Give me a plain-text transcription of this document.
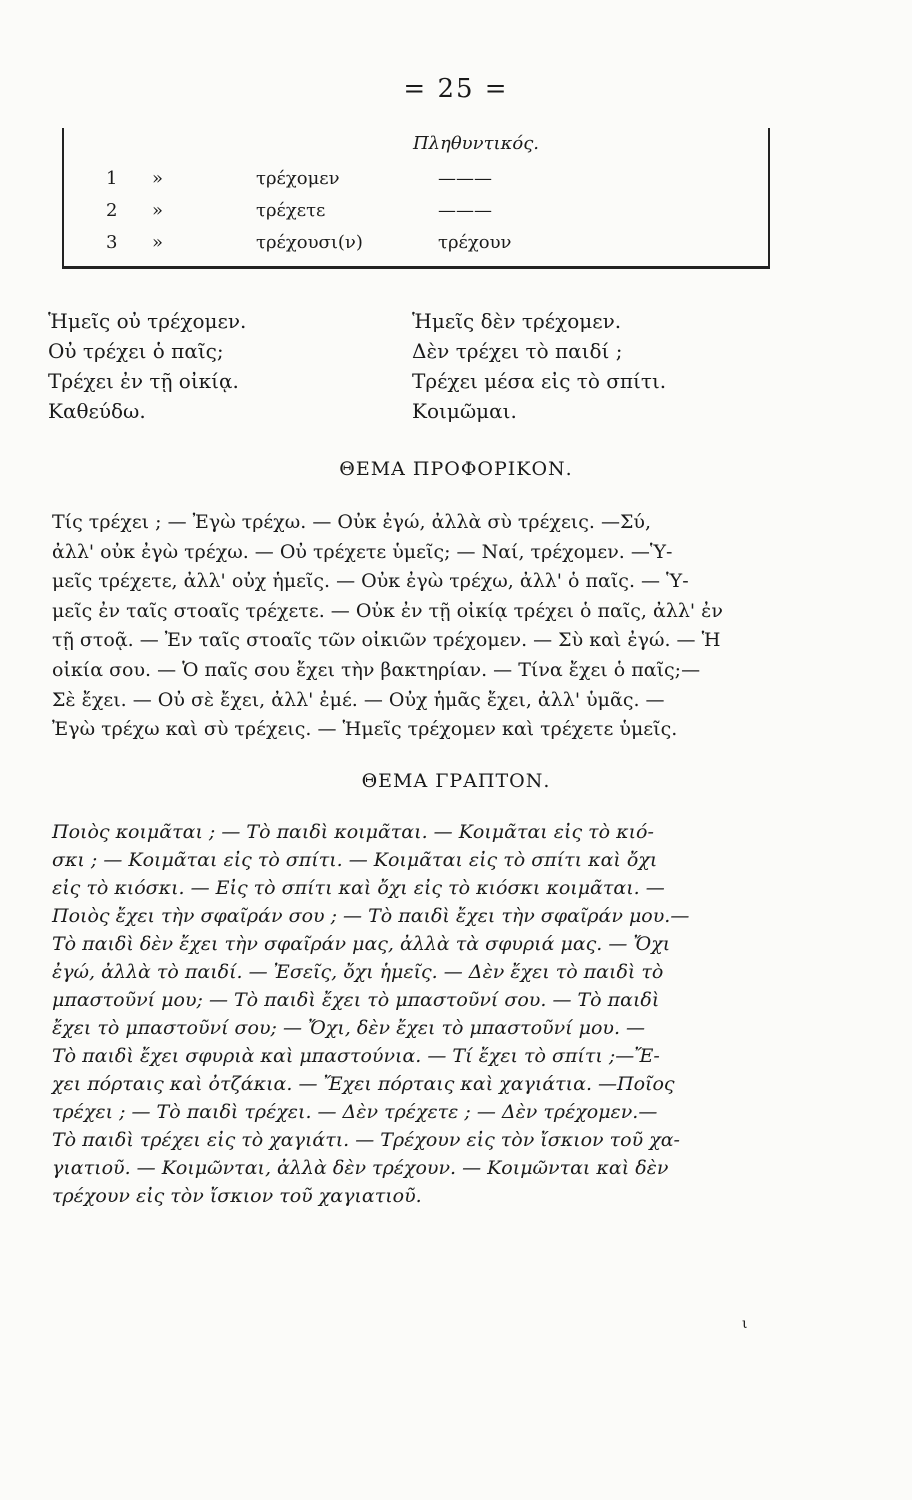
= 25 =
Πληθυντικός.
1 »	τρέχομεν	———
2 »	τρέχετε	———
3 »	τρέχουσι(ν)	τρέχουν

Ἡμεῖς οὐ τρέχομεν.

Οὐ τρέχει ὁ παῖς;

Τρέχει ἐν τῇ οἰκίᾳ.

Καθεύδω.

Ἡμεῖς δὲν τρέχομεν.

Δὲν τρέχει τὸ παιδί ;

Τρέχει μέσα εἰς τὸ σπίτι.

Κοιμῶμαι.

ΘΕΜΑ ΠΡΟΦΟΡΙΚΟΝ.

Τίς τρέχει ; — Ἐγὼ τρέχω. — Οὐκ ἐγώ, ἀλλὰ σὺ τρέχεις. —Σύ,

ἀλλ' οὐκ ἐγὼ τρέχω. — Οὐ τρέχετε ὑμεῖς; — Ναί, τρέχομεν. —Ὑ-

μεῖς τρέχετε, ἀλλ' οὐχ ἡμεῖς. — Οὐκ ἐγὼ τρέχω, ἀλλ' ὁ παῖς. — Ὑ-

μεῖς ἐν ταῖς στοαῖς τρέχετε. — Οὐκ ἐν τῇ οἰκίᾳ τρέχει ὁ παῖς, ἀλλ' ἐν

τῇ στοᾷ. — Ἐν ταῖς στοαῖς τῶν οἰκιῶν τρέχομεν. — Σὺ καὶ ἐγώ. — Ἡ

οἰκία σου. — Ὁ παῖς σου ἔχει τὴν βακτηρίαν. — Τίνα ἔχει ὁ παῖς;—

Σὲ ἔχει. — Οὐ σὲ ἔχει, ἀλλ' ἐμέ. — Οὐχ ἡμᾶς ἔχει, ἀλλ' ὑμᾶς. —

Ἐγὼ τρέχω καὶ σὺ τρέχεις. — Ἡμεῖς τρέχομεν καὶ τρέχετε ὑμεῖς.

ΘΕΜΑ ΓΡΑΠΤΟΝ.

Ποιὸς κοιμᾶται ; — Τὸ παιδὶ κοιμᾶται. — Κοιμᾶται εἰς τὸ κιό-

σκι ; — Κοιμᾶται εἰς τὸ σπίτι. — Κοιμᾶται εἰς τὸ σπίτι καὶ ὄχι

εἰς τὸ κιόσκι. — Εἰς τὸ σπίτι καὶ ὄχι εἰς τὸ κιόσκι κοιμᾶται. —

Ποιὸς ἔχει τὴν σφαῖράν σου ; — Τὸ παιδὶ ἔχει τὴν σφαῖράν μου.—

Τὸ παιδὶ δὲν ἔχει τὴν σφαῖράν μας, ἀλλὰ τὰ σφυριά μας. — Ὄχι

ἐγώ, ἀλλὰ τὸ παιδί. — Ἐσεῖς, ὄχι ἡμεῖς. — Δὲν ἔχει τὸ παιδὶ τὸ

μπαστοῦνί μου; — Τὸ παιδὶ ἔχει τὸ μπαστοῦνί σου. — Τὸ παιδὶ

ἔχει τὸ μπαστοῦνί σου; — Ὄχι, δὲν ἔχει τὸ μπαστοῦνί μου. —

Τὸ παιδὶ ἔχει σφυριὰ καὶ μπαστούνια. — Τί ἔχει τὸ σπίτι ;—Ἔ-

χει πόρταις καὶ ὀτζάκια. — Ἔχει πόρταις καὶ χαγιάτια. —Ποῖος

τρέχει ; — Τὸ παιδὶ τρέχει. — Δὲν τρέχετε ; — Δὲν τρέχομεν.—

Τὸ παιδὶ τρέχει εἰς τὸ χαγιάτι. — Τρέχουν εἰς τὸν ἴσκιον τοῦ χα-

γιατιοῦ. — Κοιμῶνται, ἀλλὰ δὲν τρέχουν. — Κοιμῶνται καὶ δὲν

τρέχουν εἰς τὸν ἴσκιον τοῦ χαγιατιοῦ.

ι
